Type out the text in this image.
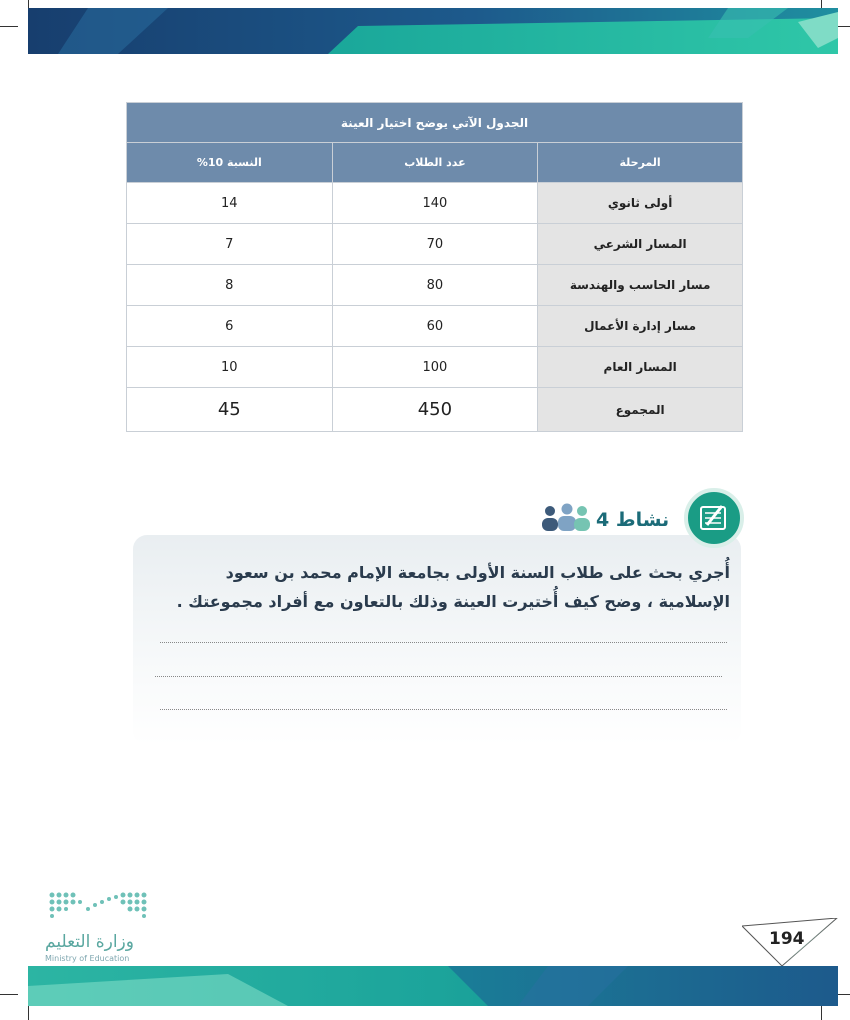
الجدول الآتي يوضح اختيار العينة		
المرحلة	عدد الطلاب	النسبة 10%
أولى ثانوي	140	14
المسار الشرعي	70	7
مسار الحاسب والهندسة	80	8
مسار إدارة الأعمال	60	6
المسار العام	100	10
المجموع	450	45
نشاط 4
أُجري بحث على طلاب السنة الأولى بجامعة الإمام محمد بن سعود الإسلامية ، وضح كيف أُختيرت العينة وذلك بالتعاون مع أفراد مجموعتك .
وزارة التعليم
Ministry of Education
194
